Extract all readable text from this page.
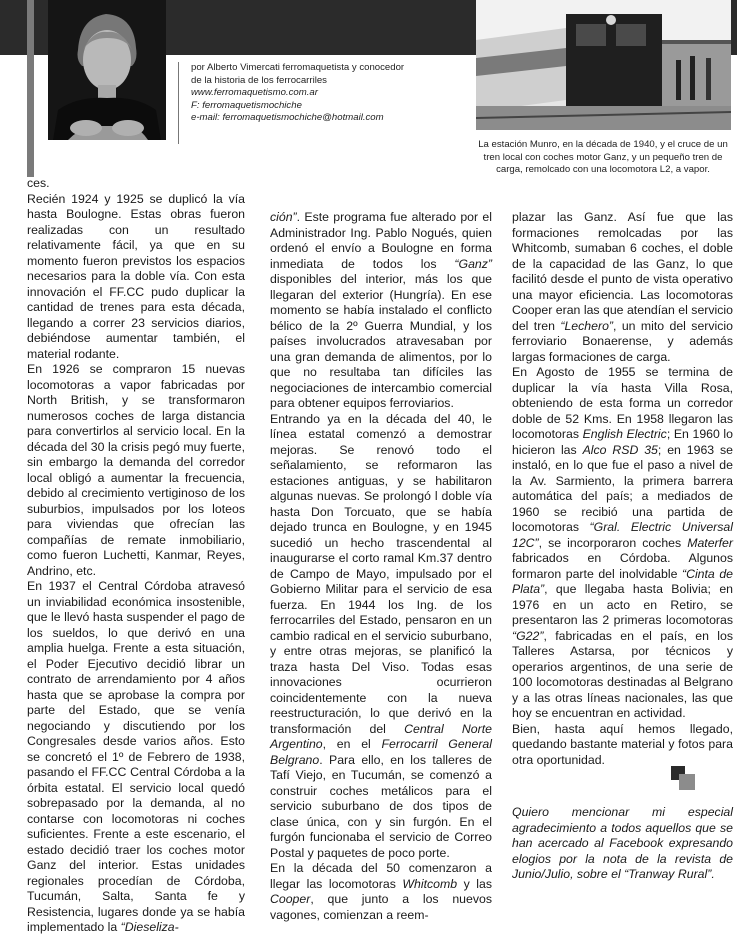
por Alberto Vimercati ferromaquetista y conocedor
de la historia de los ferrocarriles
www.ferromaquetismo.com.ar
F: ferromaquetismochiche
e-mail: ferromaquetismochiche@hotmail.com
La estación Munro, en la década de 1940, y el cruce de un tren local con coches motor Ganz, y un pequeño tren de carga, remolcado con una locomotora L2, a vapor.

ces.

Recién 1924 y 1925 se duplicó la vía hasta Boulogne. Estas obras fueron realizadas con un resultado relativamente fácil, ya que en su momento fueron previstos los espacios necesarios para la doble vía. Con esta innovación el FF.CC pudo duplicar la cantidad de trenes para esta década, llegando a correr 23 servicios diarios, debiéndose aumentar también, el material rodante.

En 1926 se compraron 15 nuevas locomotoras a vapor fabricadas por North British, y se transformaron numerosos coches de larga distancia para convertirlos al servicio local. En la década del 30 la crisis pegó muy fuerte, sin embargo la demanda del corredor local obligó a aumentar la frecuencia, debido al crecimiento vertiginoso de los suburbios, impulsados por los loteos para viviendas que ofrecían las compañías de remate inmobiliario, como fueron Luchetti, Kanmar, Reyes, Andrino, etc.

En 1937 el Central Córdoba atravesó un inviabilidad económica insostenible, que le llevó hasta suspender el pago de los sueldos, lo que derivó en una amplia huelga. Frente a esta situación, el Poder Ejecutivo decidió librar un contrato de arrendamiento por 4 años hasta que se aprobase la compra por parte del Estado, que se venía negociando y discutiendo por los Congresales desde varios años. Esto se concretó el 1º de Febrero de 1938, pasando el FF.CC Central Córdoba a la órbita estatal. El servicio local quedó sobrepasado por la demanda, al no contarse con locomotoras ni coches suficientes. Frente a este escenario, el estado decidió traer los coches motor Ganz del interior. Estas unidades regionales procedían de Córdoba, Tucumán, Salta, Santa fe y Resistencia, lugares donde ya se había implementado la “Dieseliza-

ción”. Este programa fue alterado por el Administrador Ing. Pablo Nogués, quien ordenó el envío a Boulogne en forma inmediata de todos los “Ganz” disponibles del interior, más los que llegaran del exterior (Hungría). En ese momento se había instalado el conflicto bélico de la 2º Guerra Mundial, y los países involucrados atravesaban por una gran demanda de alimentos, por lo que no resultaba tan difíciles las negociaciones de intercambio comercial para obtener equipos ferroviarios.

Entrando ya en la década del 40, le línea estatal comenzó a demostrar mejoras. Se renovó todo el señalamiento, se reformaron las estaciones antiguas, y se habilitaron algunas nuevas. Se prolongó l doble vía hasta Don Torcuato, que se había dejado trunca en Boulogne, y en 1945 sucedió un hecho trascendental al inaugurarse el corto ramal Km.37 dentro de Campo de Mayo, impulsado por el Gobierno Militar para el servicio de esa fuerza. En 1944 los Ing. de los ferrocarriles del Estado, pensaron en un cambio radical en el servicio suburbano, y entre otras mejoras, se planificó la traza hasta Del Viso. Todas esas innovaciones ocurrieron coincidentemente con la nueva reestructuración, lo que derivó en la transformación del Central Norte Argentino, en el Ferrocarril General Belgrano. Para ello, en los talleres de Tafí Viejo, en Tucumán, se comenzó a construir coches metálicos para el servicio suburbano de dos tipos de clase única, con y sin furgón. En el furgón funcionaba el servicio de Correo Postal y paquetes de poco porte.

En la década del 50 comenzaron a llegar las locomotoras Whitcomb y las Cooper, que junto a los nuevos vagones, comienzan a reem-

plazar las Ganz. Así fue que las formaciones remolcadas por las Whitcomb, sumaban 6 coches, el doble de la capacidad de las Ganz, lo que facilitó desde el punto de vista operativo una mayor eficiencia. Las locomotoras Cooper eran las que atendían el servicio del tren “Lechero”, un mito del servicio ferroviario Bonaerense, y además largas formaciones de carga.

En Agosto de 1955 se termina de duplicar la vía hasta Villa Rosa, obteniendo de esta forma un corredor doble de 52 Kms. En 1958 llegaron las locomotoras English Electric; En 1960 lo hicieron las Alco RSD 35; en 1963 se instaló, en lo que fue el paso a nivel de la Av. Sarmiento, la primera barrera automática del país; a mediados de 1960 se recibió una partida de locomotoras “Gral. Electric Universal 12C”, se incorporaron coches Materfer fabricados en Córdoba. Algunos formaron parte del inolvidable “Cinta de Plata”, que llegaba hasta Bolivia; en 1976 en un acto en Retiro, se presentaron las 2 primeras locomotoras “G22”, fabricadas en el país, en los Talleres Astarsa, por técnicos y operarios argentinos, de una serie de 100 locomotoras destinadas al Belgrano y a las otras líneas nacionales, las que hoy se encuentran en actividad.

Bien, hasta aquí hemos llegado, quedando bastante material y fotos para otra oportunidad.

Quiero mencionar mi especial agradecimiento a todos aquellos que se han acercado al Facebook expresando elogios por la nota de la revista de Junio/Julio, sobre el “Tranway Rural”.
